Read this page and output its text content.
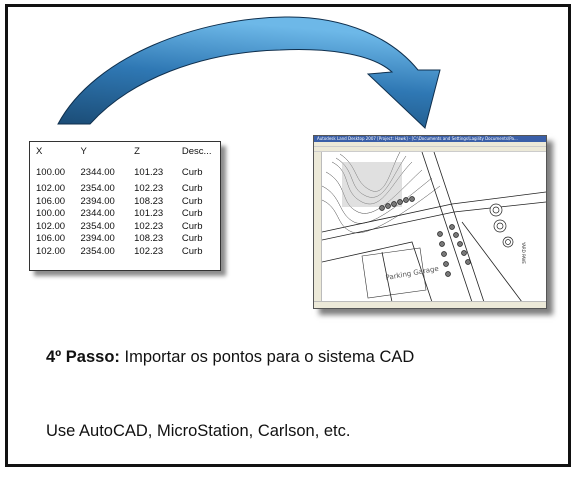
X	Y	Z	Desc...
100.00	2344.00	101.23	Curb
102.00	2354.00	102.23	Curb
106.00	2394.00	108.23	Curb
100.00	2344.00	101.23	Curb
102.00	2354.00	102.23	Curb
106.00	2394.00	108.23	Curb
102.00	2354.00	102.23	Curb
Autodesk Land Desktop 2007 [Project: Hawk] - [C:\Documents and Settings\Lagility Documents\Pa...
Parking Garage
YARD PAVE

4º Passo: Importar os pontos para o sistema CAD

Use AutoCAD, MicroStation, Carlson, etc.
